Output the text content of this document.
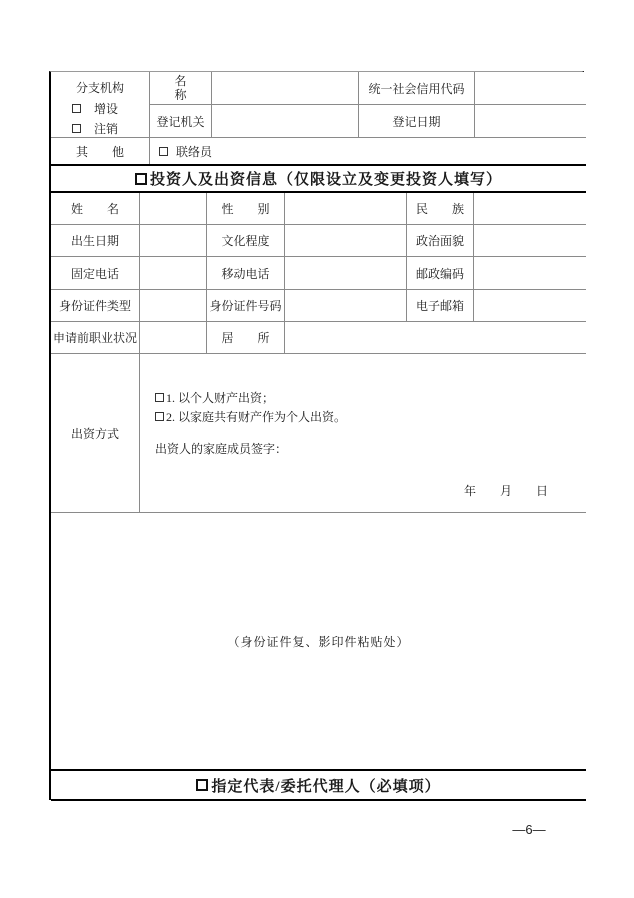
分支机构
增设
注销
名称	统一社会信用代码
登记机关	登记日期
其　　他	联络员
投资人及出资信息（仅限设立及变更投资人填写）
姓　　名	性　　别	民　　族
出生日期	文化程度	政治面貌
固定电话	移动电话	邮政编码
身份证件类型	身份证件号码	电子邮箱
申请前职业状况	居　　所
出资方式
1. 以个人财产出资；
2. 以家庭共有财产作为个人出资。
出资人的家庭成员签字：
年　　月　　日
（身份证件复、影印件粘贴处）
指定代表/委托代理人（必填项）
—6—
